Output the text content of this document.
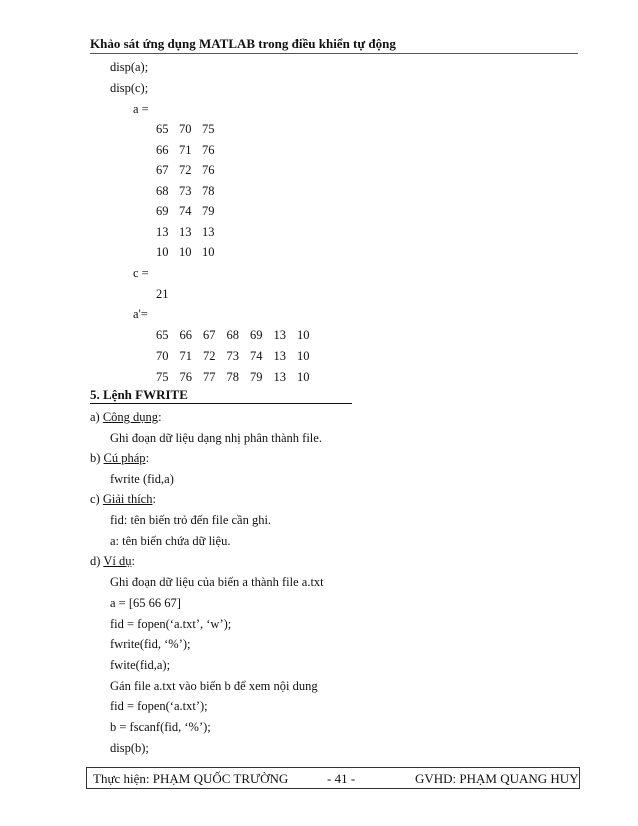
Khảo sát ứng dụng MATLAB trong điều khiển tự động
disp(a);
disp(c);
a =
65 70 75
66 71 76
67 72 76
68 73 78
69 74 79
13 13 13
10 10 10
c =
21
a'=
65 66 67 68 69 13 10
70 71 72 73 74 13 10
75 76 77 78 79 13 10
5. Lệnh FWRITE
a) Công dụng:
Ghi đoạn dữ liệu dạng nhị phân thành file.
b) Cú pháp:
fwrite (fid,a)
c) Giải thích:
fid: tên biến trỏ đến file cần ghi.
a: tên biến chứa dữ liệu.
d) Ví dụ:
Ghi đoạn dữ liệu của biến a thành file a.txt
a = [65 66 67]
fid = fopen(‘a.txt’, ‘w’);
fwrite(fid, ‘%’);
fwite(fid,a);
Gán file a.txt vào biến b để xem nội dung
fid = fopen(‘a.txt’);
b = fscanf(fid, ‘%’);
disp(b);
Thực hiện: PHẠM QUỐC TRƯỜNG	- 41 -	GVHD: PHẠM QUANG HUY
